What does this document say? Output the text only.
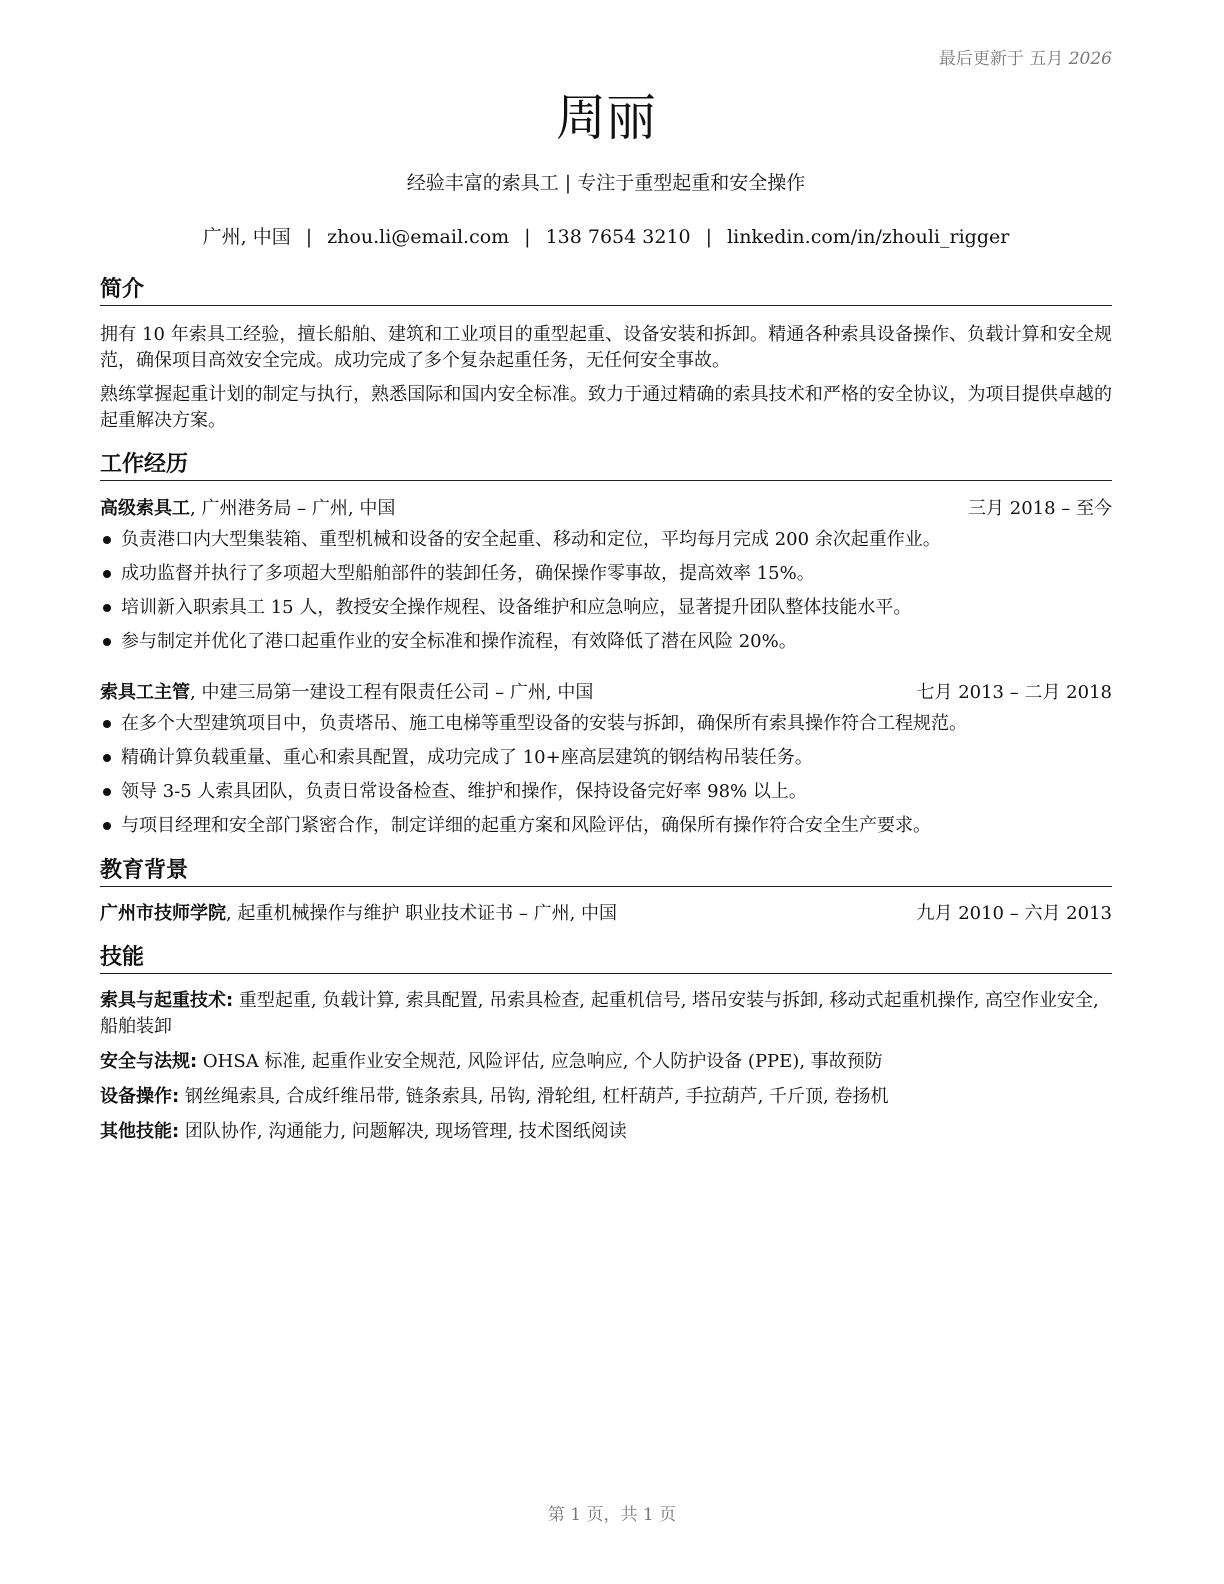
最后更新于 五月 2026
周丽
经验丰富的索具工 | 专注于重型起重和安全操作
广州, 中国 | zhou.li@email.com | 138 7654 3210 | linkedin.com/in/zhouli_rigger
简介
拥有 10 年索具工经验，擅长船舶、建筑和工业项目的重型起重、设备安装和拆卸。精通各种索具设备操作、负载计算和安全规范，确保项目高效安全完成。成功完成了多个复杂起重任务，无任何安全事故。
熟练掌握起重计划的制定与执行，熟悉国际和国内安全标准。致力于通过精确的索具技术和严格的安全协议，为项目提供卓越的起重解决方案。
工作经历
高级索具工, 广州港务局 – 广州, 中国	三月 2018 – 至今
负责港口内大型集装箱、重型机械和设备的安全起重、移动和定位，平均每月完成 200 余次起重作业。
成功监督并执行了多项超大型船舶部件的装卸任务，确保操作零事故，提高效率 15%。
培训新入职索具工 15 人，教授安全操作规程、设备维护和应急响应，显著提升团队整体技能水平。
参与制定并优化了港口起重作业的安全标准和操作流程，有效降低了潜在风险 20%。
索具工主管, 中建三局第一建设工程有限责任公司 – 广州, 中国	七月 2013 – 二月 2018
在多个大型建筑项目中，负责塔吊、施工电梯等重型设备的安装与拆卸，确保所有索具操作符合工程规范。
精确计算负载重量、重心和索具配置，成功完成了 10+座高层建筑的钢结构吊装任务。
领导 3-5 人索具团队，负责日常设备检查、维护和操作，保持设备完好率 98% 以上。
与项目经理和安全部门紧密合作，制定详细的起重方案和风险评估，确保所有操作符合安全生产要求。
教育背景
广州市技师学院, 起重机械操作与维护 职业技术证书 – 广州, 中国	九月 2010 – 六月 2013
技能
索具与起重技术: 重型起重, 负载计算, 索具配置, 吊索具检查, 起重机信号, 塔吊安装与拆卸, 移动式起重机操作, 高空作业安全, 船舶装卸
安全与法规: OHSA 标准, 起重作业安全规范, 风险评估, 应急响应, 个人防护设备 (PPE), 事故预防
设备操作: 钢丝绳索具, 合成纤维吊带, 链条索具, 吊钩, 滑轮组, 杠杆葫芦, 手拉葫芦, 千斤顶, 卷扬机
其他技能: 团队协作, 沟通能力, 问题解决, 现场管理, 技术图纸阅读
第 1 页，共 1 页
